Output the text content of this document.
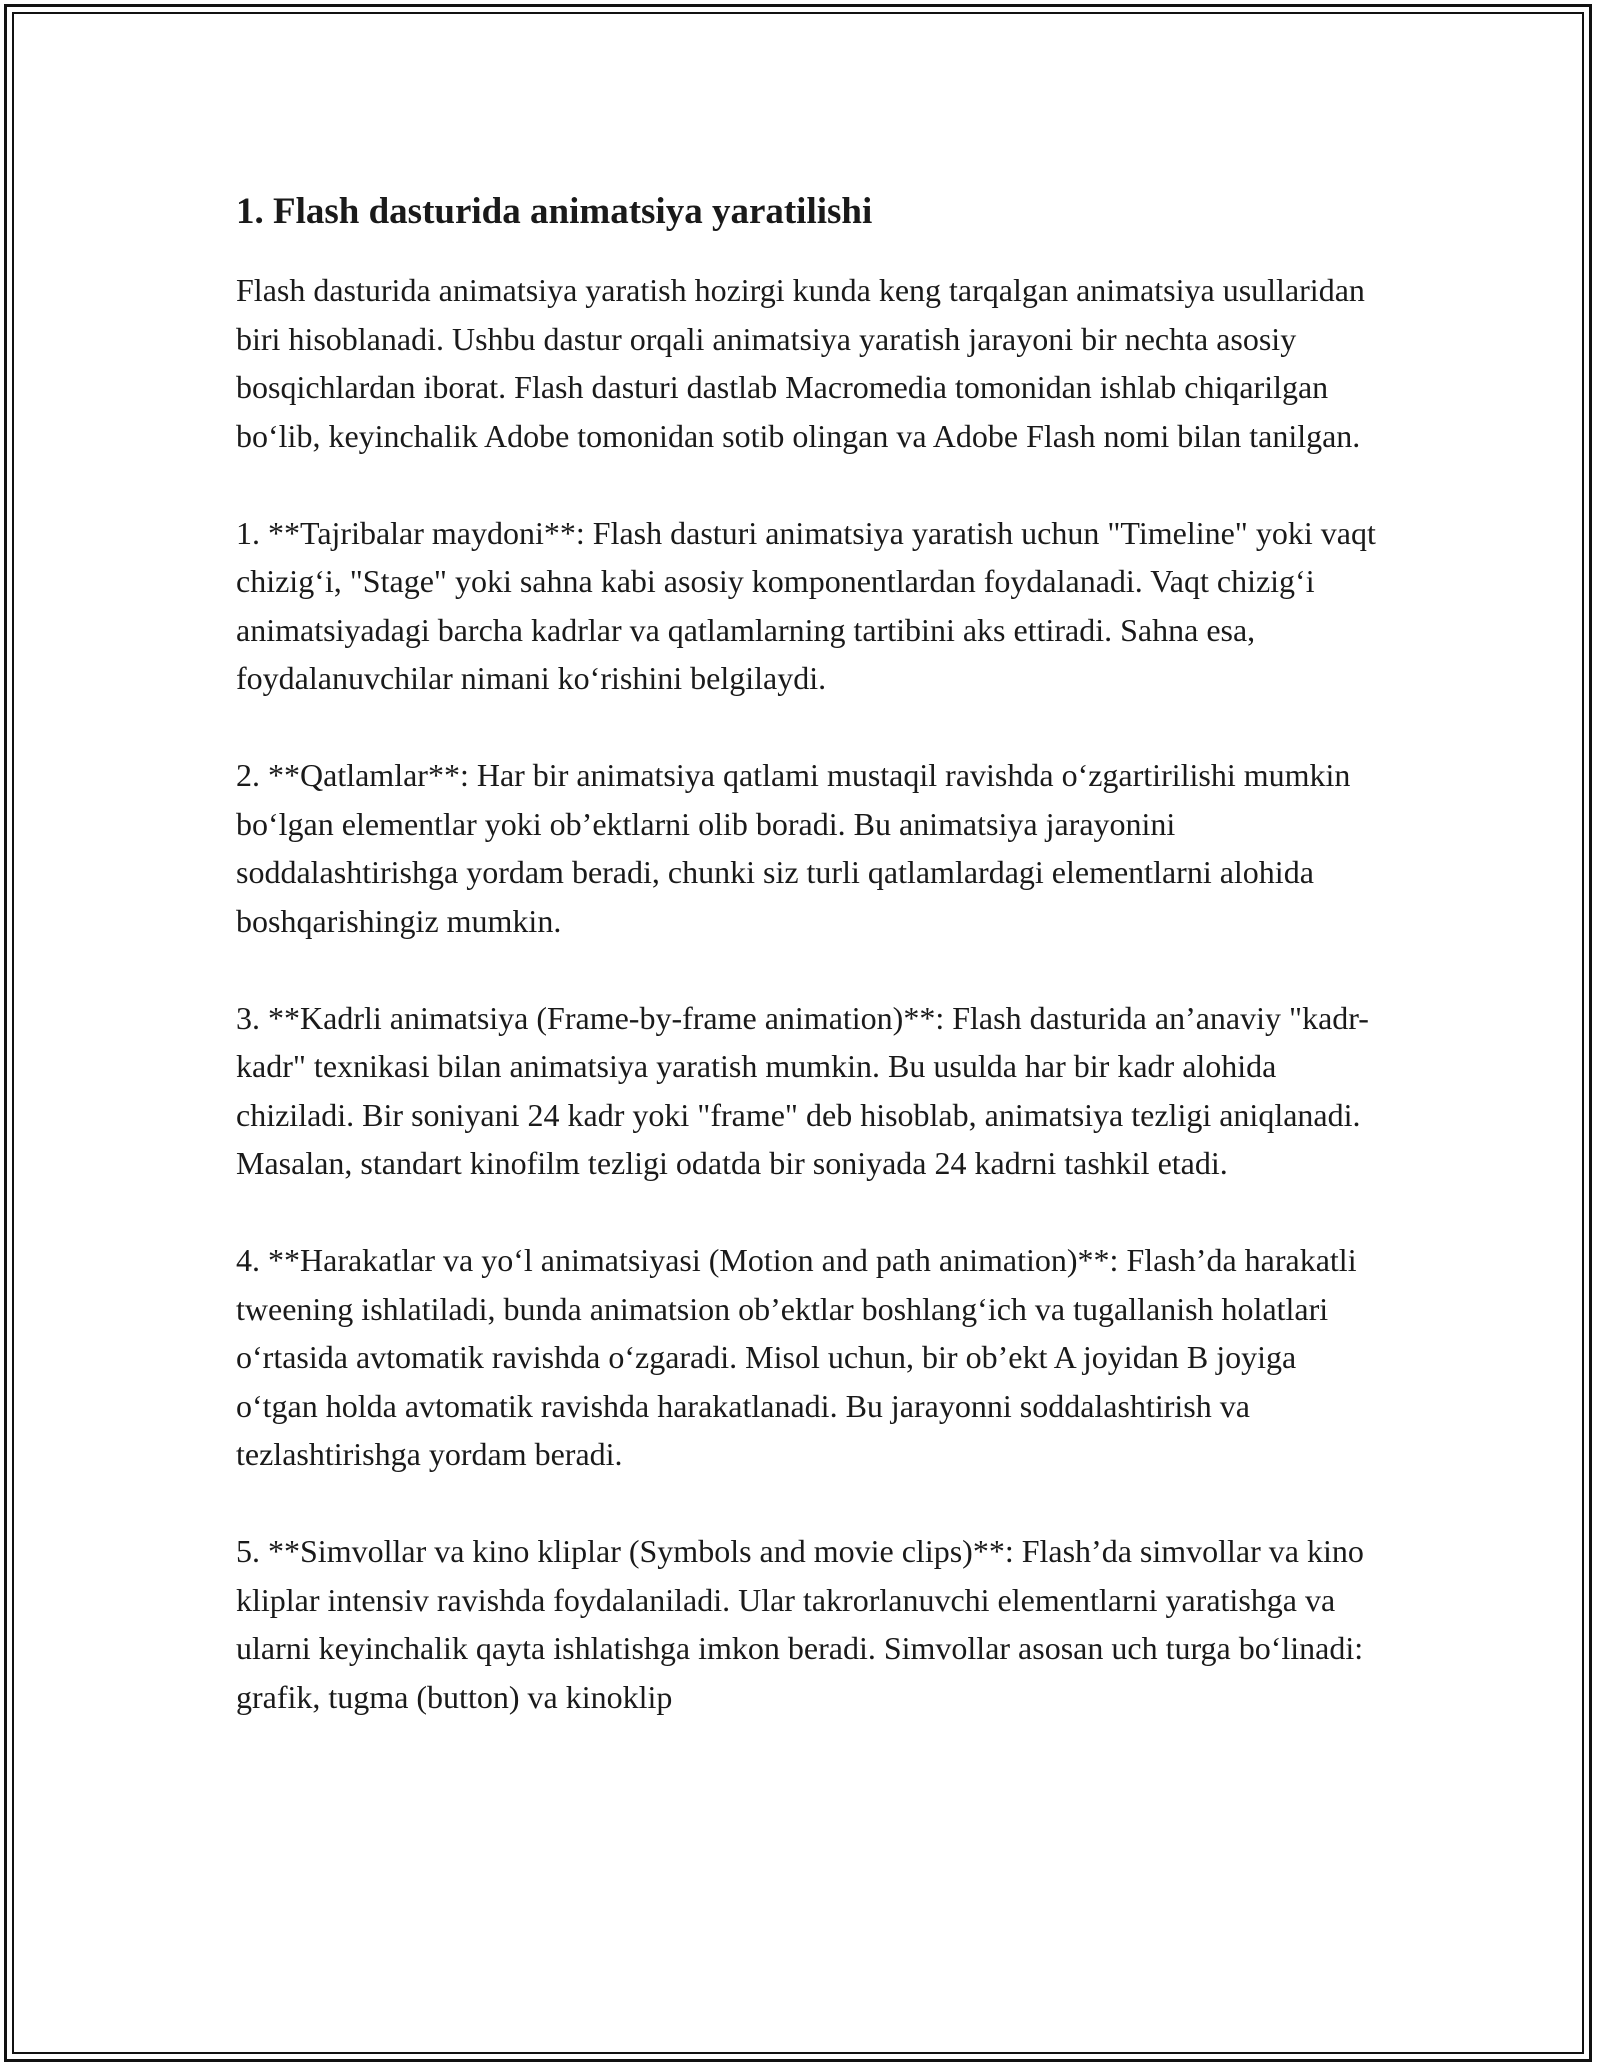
1. Flash dasturida animatsiya yaratilishi

Flash dasturida animatsiya yaratish hozirgi kunda keng tarqalgan animatsiya usullaridan biri hisoblanadi. Ushbu dastur orqali animatsiya yaratish jarayoni bir nechta asosiy bosqichlardan iborat. Flash dasturi dastlab Macromedia tomonidan ishlab chiqarilgan bo‘lib, keyinchalik Adobe tomonidan sotib olingan va Adobe Flash nomi bilan tanilgan.

1. **Tajribalar maydoni**: Flash dasturi animatsiya yaratish uchun "Timeline" yoki vaqt chizig‘i, "Stage" yoki sahna kabi asosiy komponentlardan foydalanadi. Vaqt chizig‘i animatsiyadagi barcha kadrlar va qatlamlarning tartibini aks ettiradi. Sahna esa, foydalanuvchilar nimani ko‘rishini belgilaydi.

2. **Qatlamlar**: Har bir animatsiya qatlami mustaqil ravishda o‘zgartirilishi mumkin bo‘lgan elementlar yoki ob’ektlarni olib boradi. Bu animatsiya jarayonini soddalashtirishga yordam beradi, chunki siz turli qatlamlardagi elementlarni alohida boshqarishingiz mumkin.

3. **Kadrli animatsiya (Frame-by-frame animation)**: Flash dasturida an’anaviy "kadr-kadr" texnikasi bilan animatsiya yaratish mumkin. Bu usulda har bir kadr alohida chiziladi. Bir soniyani 24 kadr yoki "frame" deb hisoblab, animatsiya tezligi aniqlanadi. Masalan, standart kinofilm tezligi odatda bir soniyada 24 kadrni tashkil etadi.

4. **Harakatlar va yo‘l animatsiyasi (Motion and path animation)**: Flash’da harakatli tweening ishlatiladi, bunda animatsion ob’ektlar boshlang‘ich va tugallanish holatlari o‘rtasida avtomatik ravishda o‘zgaradi. Misol uchun, bir ob’ekt A joyidan B joyiga o‘tgan holda avtomatik ravishda harakatlanadi. Bu jarayonni soddalashtirish va tezlashtirishga yordam beradi.

5. **Simvollar va kino kliplar (Symbols and movie clips)**: Flash’da simvollar va kino kliplar intensiv ravishda foydalaniladi. Ular takrorlanuvchi elementlarni yaratishga va ularni keyinchalik qayta ishlatishga imkon beradi. Simvollar asosan uch turga bo‘linadi: grafik, tugma (button) va kinoklip
